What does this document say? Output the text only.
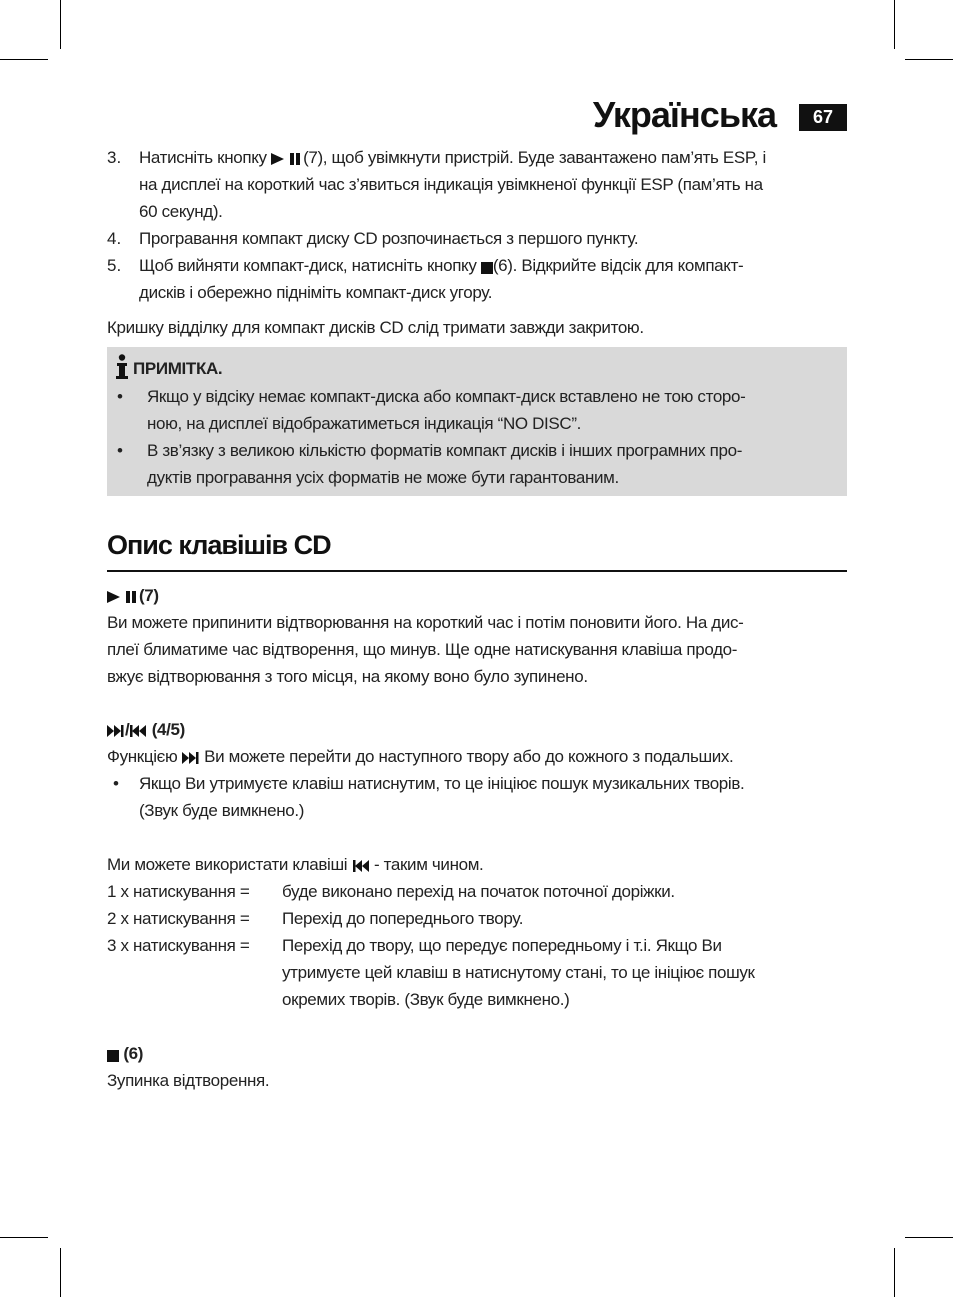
Українська	67
3. Натисніть кнопку (7), щоб увімкнути пристрій. Буде завантажено пам’ять ESP, і
на дисплеї на короткий час з’явиться індикація увімкненої функції ESP (пам’ять на
60 секунд).
4. Програвання компакт диску CD розпочинається з першого пункту.
5. Щоб вийняти компакт-диск, натисніть кнопку (6). Відкрийте відсік для компакт-
дисків і обережно підніміть компакт-диск угору.
Кришку відділку для компакт дисків CD слід тримати завжди закритою.
ПРИМІТКА.
• Якщо у відсіку немає компакт-диска або компакт-диск вставлено не тою сторо-
ною, на дисплеї відображатиметься індикація “NO DISC”.
• В зв’язку з великою кількістю форматів компакт дисків і інших програмних про-
дуктів програвання усіх форматів не може бути гарантованим.
Опис клавішів CD
(7)
Ви можете припинити відтворювання на короткий час і потім поновити його. На дис-
плеї блиматиме час відтворення, що минув. Ще одне натискування клавіша продо-
вжує відтворювання з того місця, на якому воно було зупинено.
/ (4/5)
Функцією Ви можете перейти до наступного твору або до кожного з подальших.
• Якщо Ви утримуєте клавіш натиснутим, то це ініціює пошук музикальних творів.
(Звук буде вимкнено.)
Ми можете використати клавіші - таким чином.
1 x натискування = буде виконано перехід на початок поточної доріжки.
2 x натискування = Перехід до попереднього твору.
3 x натискування = Перехід до твору, що передує попередньому і т.і. Якщо Ви
утримуєте цей клавіш в натиснутому стані, то це ініціює пошук
окремих творів. (Звук буде вимкнено.)
(6)
Зупинка відтворення.
